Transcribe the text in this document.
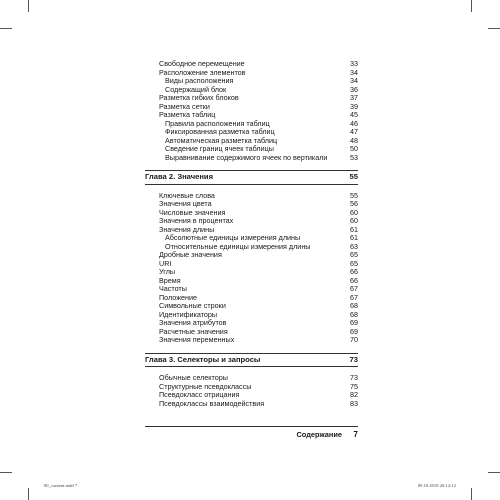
Свободное перемещение	33
Расположение элементов	34
Виды расположения	34
Содержащий блок	36
Разметка гибких блоков	37
Разметка сетки	39
Разметка таблиц	45
Правила расположения таблиц	46
Фиксированная разметка таблиц	47
Автоматическая разметка таблиц	48
Сведение границ ячеек таблицы	50
Выравнивание содержимого ячеек по вертикали	53
Глава 2. Значения	55
Ключевые слова	55
Значения цвета	56
Числовые значения	60
Значения в процентах	60
Значения длины	61
Абсолютные единицы измерения длины	61
Относительные единицы измерения длины	63
Дробные значения	65
URI	65
Углы	66
Время	66
Частоты	67
Положение	67
Символьные строки	68
Идентификаторы	68
Значения атрибутов	69
Расчетные значения	69
Значения переменных	70
Глава 3. Селекторы и запросы	73
Обычные селекторы	73
Структурные псевдоклассы	75
Псевдокласс отрицания	82
Псевдоклассы взаимодействия	83
Содержание 7
00_content.indd 7	09.10.2018 20:12:12
